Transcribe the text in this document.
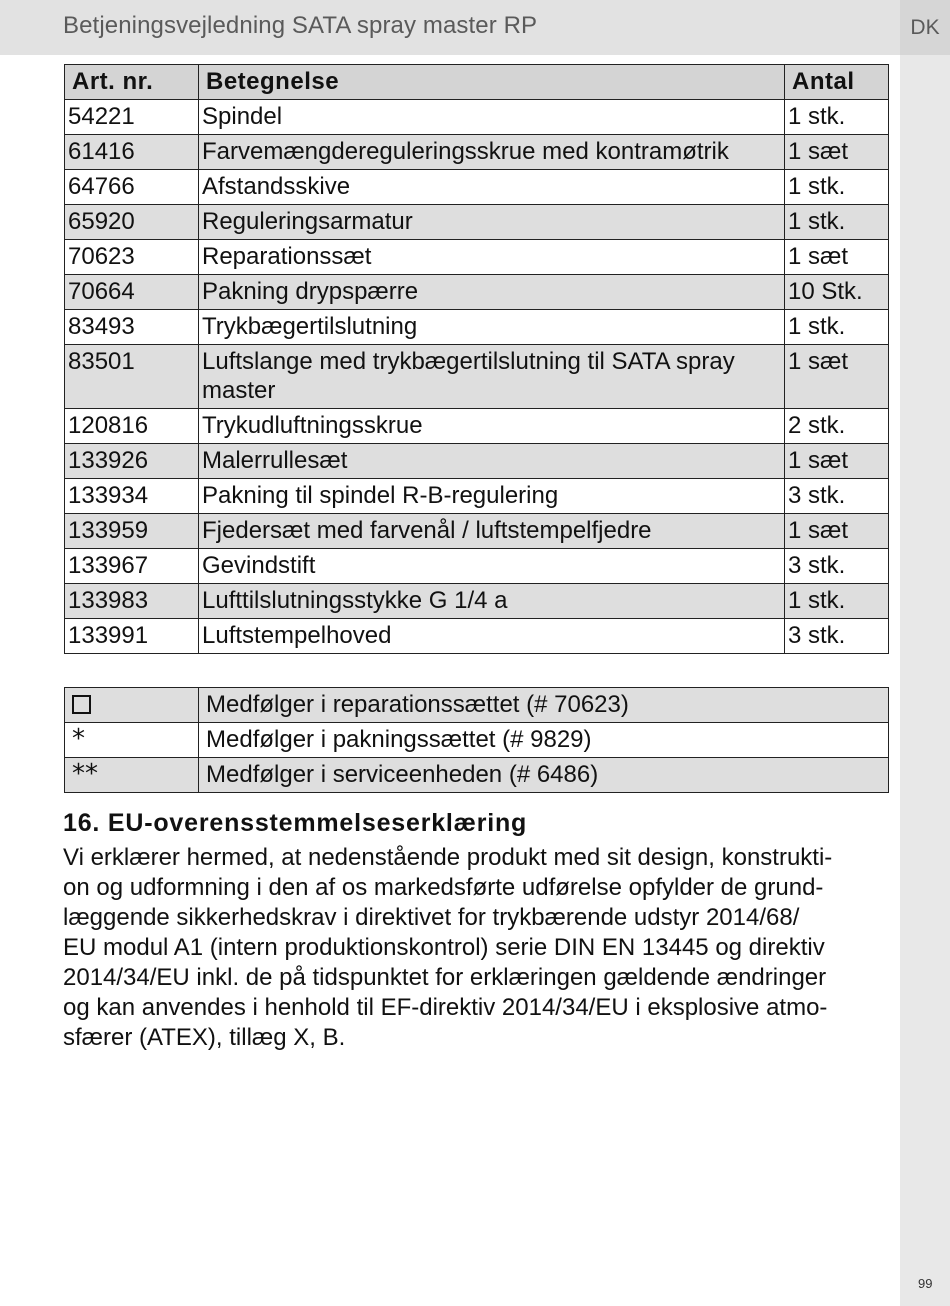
Betjeningsvejledning SATA spray master RP	DK
Art. nr.	Betegnelse	Antal
54221	Spindel	1 stk.
61416	Farvemængdereguleringsskrue med kontramøtrik	1 sæt
64766	Afstandsskive	1 stk.
65920	Reguleringsarmatur	1 stk.
70623	Reparationssæt	1 sæt
70664	Pakning drypspærre	10 Stk.
83493	Trykbægertilslutning	1 stk.
83501	Luftslange med trykbægertilslutning til SATA spray master	1 sæt
120816	Trykudluftningsskrue	2 stk.
133926	Malerrullesæt	1 sæt
133934	Pakning til spindel R-B-regulering	3 stk.
133959	Fjedersæt med farvenål / luftstempelfjedre	1 sæt
133967	Gevindstift	3 stk.
133983	Lufttilslutningsstykke G 1/4 a	1 stk.
133991	Luftstempelhoved	3 stk.
	Medfølger i reparationssættet (# 70623)
*	Medfølger i pakningssættet (# 9829)
**	Medfølger i serviceenheden (# 6486)
16. EU-overensstemmelseserklæring

Vi erklærer hermed, at nedenstående produkt med sit design, konstrukti-
on og udformning i den af os markedsførte udførelse opfylder de grund-
læggende sikkerhedskrav i direktivet for trykbærende udstyr 2014/68/
EU modul A1 (intern produktionskontrol) serie DIN EN 13445 og direktiv
2014/34/EU inkl. de på tidspunktet for erklæringen gældende ændringer
og kan anvendes i henhold til EF-direktiv 2014/34/EU i eksplosive atmo-
sfærer (ATEX), tillæg X, B.

99
